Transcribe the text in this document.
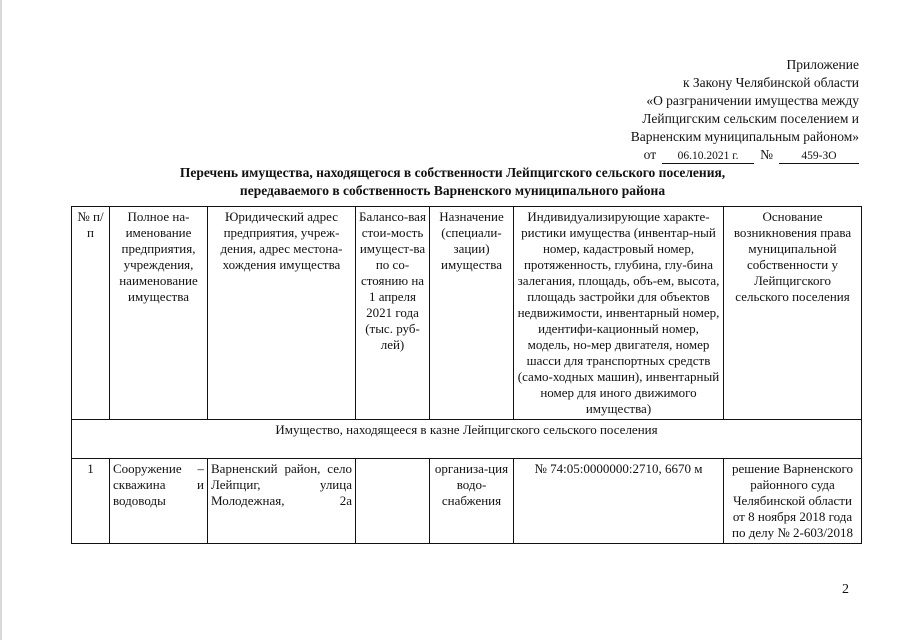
Приложение
к Закону Челябинской области
«О разграничении имущества между
Лейпцигским сельским поселением и
Варненским муниципальным районом»
от	06.10.2021 г.	№	459-ЗО
Перечень имущества, находящегося в собственности Лейпцигского сельского поселения,
передаваемого в собственность Варненского муниципального района
№ п/п	Полное на-именование предприятия, учреждения, наименование имущества	Юридический адрес предприятия, учреж-дения, адрес местона-хождения имущества	Балансо-вая стои-мость имущест-ва по со-стоянию на 1 апреля 2021 года (тыс. руб-лей)	Назначение (специали-зации) имущества	Индивидуализирующие характе-ристики имущества (инвентар-ный номер, кадастровый номер, протяженность, глубина, глу-бина залегания, площадь, объ-ем, высота, площадь застройки для объектов недвижимости, инвентарный номер, идентифи-кационный номер, модель, но-мер двигателя, номер шасси для транспортных средств (само-ходных машин), инвентарный номер для иного движимого имущества)	Основание возникновения права муниципальной собственности у Лейпцигского сельского поселения
Имущество, находящееся в казне Лейпцигского сельского поселения						
1	Сооружение – скважина и водоводы	Варненский район, село Лейпциг, улица Молодежная, 2а		организа-ция водо-снабжения	№ 74:05:0000000:2710, 6670 м	решение Варненского районного суда Челябинской области от 8 ноября 2018 года по делу № 2-603/2018
2
